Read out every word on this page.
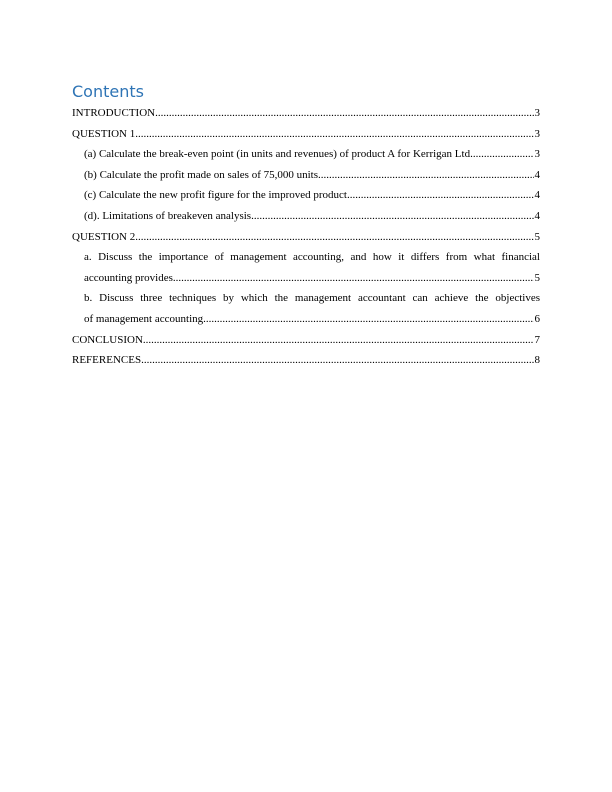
Contents
3
INTRODUCTION .....
3
QUESTION 1 .....
3
(a) Calculate the break-even point (in units and revenues) of product A for Kerrigan Ltd .....
4
(b) Calculate the profit made on sales of 75,000 units .....
4
(c) Calculate the new profit figure for the improved product .....
4
(d). Limitations of breakeven analysis .....
5
QUESTION 2 .....
a. Discuss the importance of management accounting, and how it differs from what financial
5
accounting provides .....
b. Discuss three techniques by which the management accountant can achieve the objectives
6
of management accounting .....
7
CONCLUSION .....
8
REFERENCES .....
